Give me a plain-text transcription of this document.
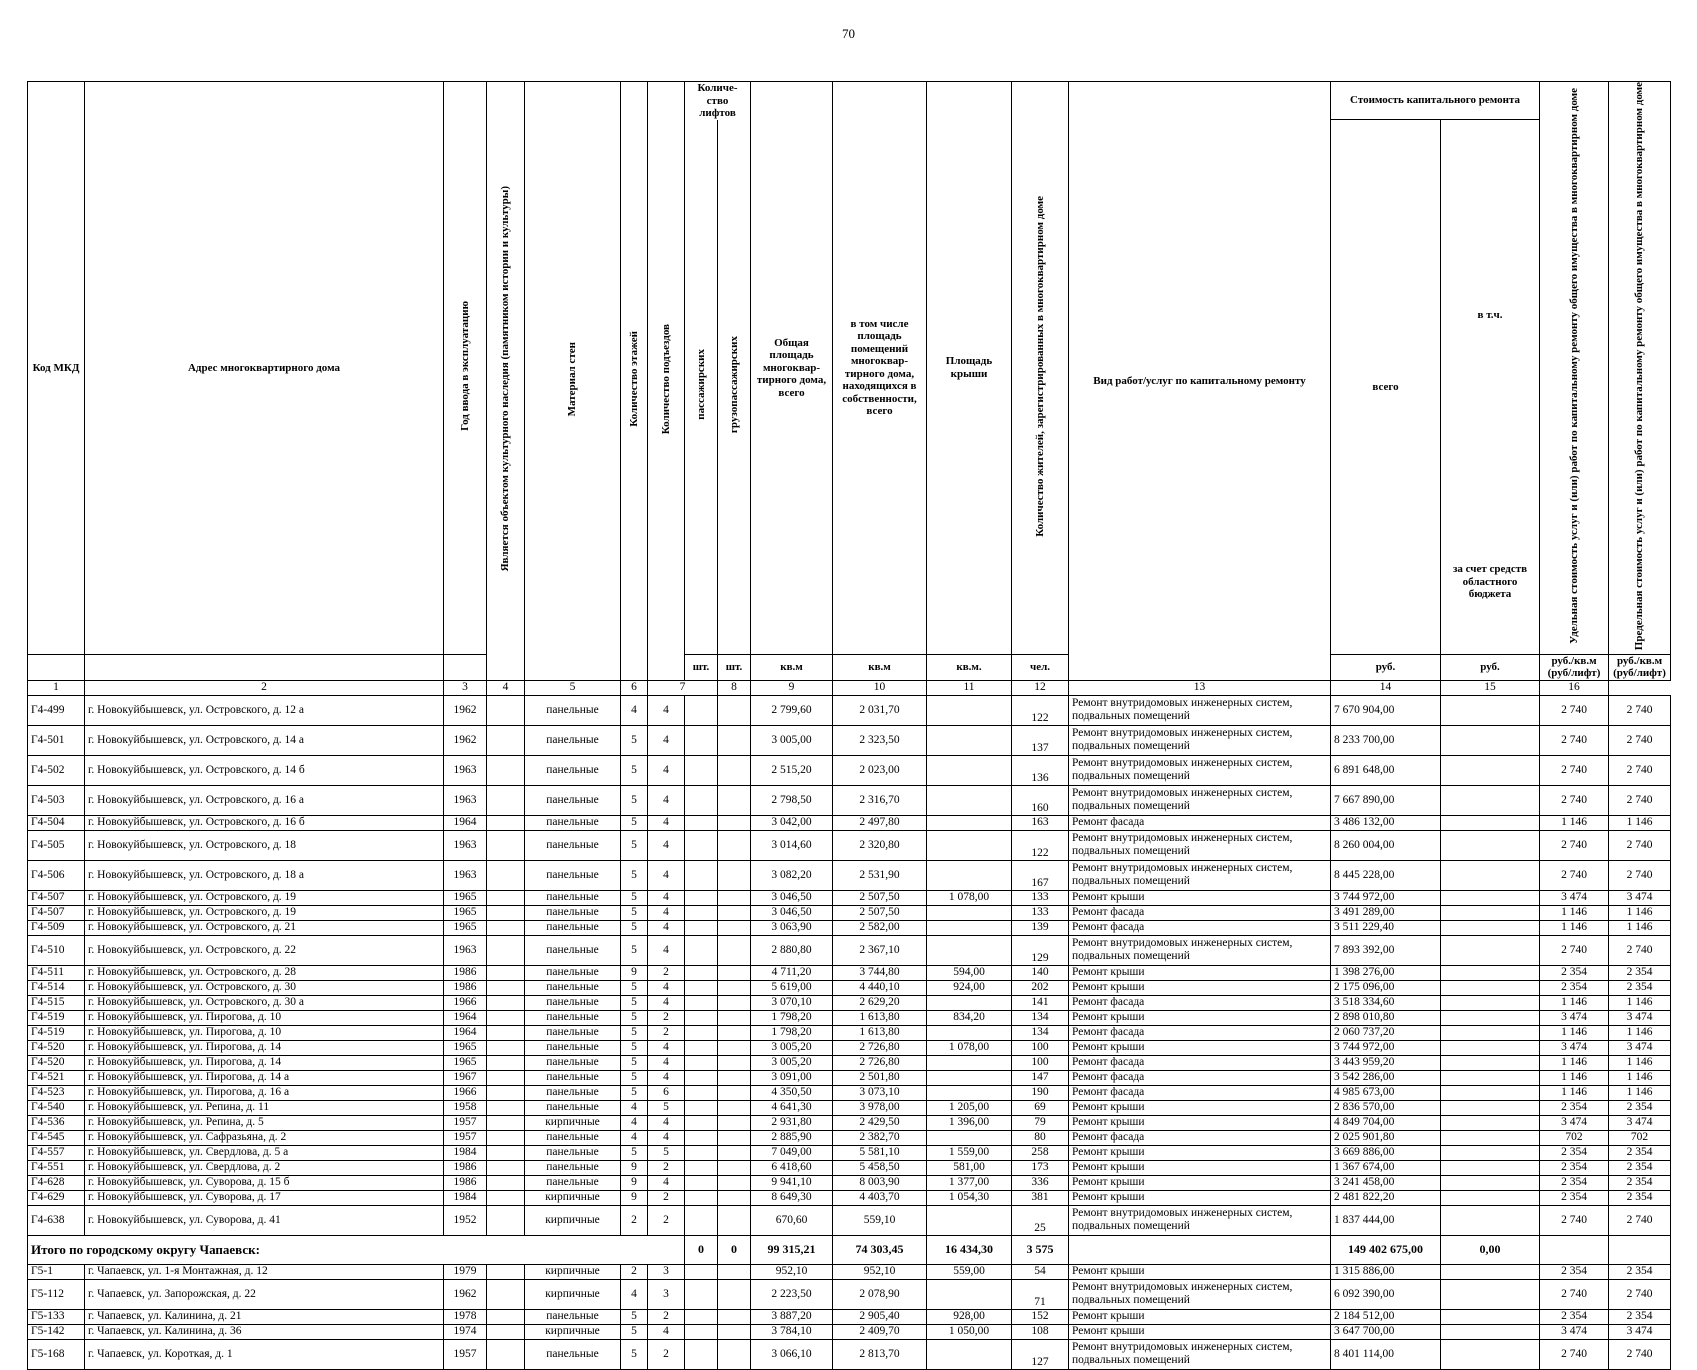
70
Код МКД	Адрес многоквартирного дома	Год ввода в эксплуатацию	Является объектом культурного наследия (памятником истории и культуры)	Материал стен	Количество этажей	Количество подъездов	Количе-ство лифтов		Общая площадь многоквар-тирного дома, всего	в том числе площадь помещений многоквар-тирного дома, находящихся в собственности, всего	Площадь крыши	Количество жителей, зарегистрированных в многоквартирном доме	Вид работ/услуг по капитальному ремонту	Стоимость капитального ремонта		Удельная стоимость услуг и (или) работ по капитальному ремонту общего имущества в многоквартирном доме	Предельная стоимость услуг и (или) работ по капитальному ремонту общего имущества в многоквартирном доме
							пассажирских	грузопассажирских						всего	в т.ч.		
															за счет средств областного бюджета		
							шт.	шт.	кв.м	кв.м	кв.м.	чел.		руб.	руб.	руб./кв.м (руб/лифт)	руб./кв.м (руб/лифт)
1	2	3	4	5	6	7		8	9	10	11	12	13	14	15	16	
Г4-499	г. Новокуйбышевск, ул. Островского, д. 12 а	1962		панельные	4	4			2 799,60	2 031,70		122	Ремонт внутридомовых инженерных систем, подвальных помещений	7 670 904,00		2 740	2 740
Г4-501	г. Новокуйбышевск, ул. Островского, д. 14 а	1962		панельные	5	4			3 005,00	2 323,50		137	Ремонт внутридомовых инженерных систем, подвальных помещений	8 233 700,00		2 740	2 740
Г4-502	г. Новокуйбышевск, ул. Островского, д. 14 б	1963		панельные	5	4			2 515,20	2 023,00		136	Ремонт внутридомовых инженерных систем, подвальных помещений	6 891 648,00		2 740	2 740
Г4-503	г. Новокуйбышевск, ул. Островского, д. 16 а	1963		панельные	5	4			2 798,50	2 316,70		160	Ремонт внутридомовых инженерных систем, подвальных помещений	7 667 890,00		2 740	2 740
Г4-504	г. Новокуйбышевск, ул. Островского, д. 16 б	1964		панельные	5	4			3 042,00	2 497,80		163	Ремонт фасада	3 486 132,00		1 146	1 146
Г4-505	г. Новокуйбышевск, ул. Островского, д. 18	1963		панельные	5	4			3 014,60	2 320,80		122	Ремонт внутридомовых инженерных систем, подвальных помещений	8 260 004,00		2 740	2 740
Г4-506	г. Новокуйбышевск, ул. Островского, д. 18 а	1963		панельные	5	4			3 082,20	2 531,90		167	Ремонт внутридомовых инженерных систем, подвальных помещений	8 445 228,00		2 740	2 740
Г4-507	г. Новокуйбышевск, ул. Островского, д. 19	1965		панельные	5	4			3 046,50	2 507,50	1 078,00	133	Ремонт крыши	3 744 972,00		3 474	3 474
Г4-507	г. Новокуйбышевск, ул. Островского, д. 19	1965		панельные	5	4			3 046,50	2 507,50		133	Ремонт фасада	3 491 289,00		1 146	1 146
Г4-509	г. Новокуйбышевск, ул. Островского, д. 21	1965		панельные	5	4			3 063,90	2 582,00		139	Ремонт фасада	3 511 229,40		1 146	1 146
Г4-510	г. Новокуйбышевск, ул. Островского, д. 22	1963		панельные	5	4			2 880,80	2 367,10		129	Ремонт внутридомовых инженерных систем, подвальных помещений	7 893 392,00		2 740	2 740
Г4-511	г. Новокуйбышевск, ул. Островского, д. 28	1986		панельные	9	2			4 711,20	3 744,80	594,00	140	Ремонт крыши	1 398 276,00		2 354	2 354
Г4-514	г. Новокуйбышевск, ул. Островского, д. 30	1986		панельные	5	4			5 619,00	4 440,10	924,00	202	Ремонт крыши	2 175 096,00		2 354	2 354
Г4-515	г. Новокуйбышевск, ул. Островского, д. 30 а	1966		панельные	5	4			3 070,10	2 629,20		141	Ремонт фасада	3 518 334,60		1 146	1 146
Г4-519	г. Новокуйбышевск, ул. Пирогова, д. 10	1964		панельные	5	2			1 798,20	1 613,80	834,20	134	Ремонт крыши	2 898 010,80		3 474	3 474
Г4-519	г. Новокуйбышевск, ул. Пирогова, д. 10	1964		панельные	5	2			1 798,20	1 613,80		134	Ремонт фасада	2 060 737,20		1 146	1 146
Г4-520	г. Новокуйбышевск, ул. Пирогова, д. 14	1965		панельные	5	4			3 005,20	2 726,80	1 078,00	100	Ремонт крыши	3 744 972,00		3 474	3 474
Г4-520	г. Новокуйбышевск, ул. Пирогова, д. 14	1965		панельные	5	4			3 005,20	2 726,80		100	Ремонт фасада	3 443 959,20		1 146	1 146
Г4-521	г. Новокуйбышевск, ул. Пирогова, д. 14 а	1967		панельные	5	4			3 091,00	2 501,80		147	Ремонт фасада	3 542 286,00		1 146	1 146
Г4-523	г. Новокуйбышевск, ул. Пирогова, д. 16 а	1966		панельные	5	6			4 350,50	3 073,10		190	Ремонт фасада	4 985 673,00		1 146	1 146
Г4-540	г. Новокуйбышевск, ул. Репина, д. 11	1958		панельные	4	5			4 641,30	3 978,00	1 205,00	69	Ремонт крыши	2 836 570,00		2 354	2 354
Г4-536	г. Новокуйбышевск, ул. Репина, д. 5	1957		кирпичные	4	4			2 931,80	2 429,50	1 396,00	79	Ремонт крыши	4 849 704,00		3 474	3 474
Г4-545	г. Новокуйбышевск, ул. Сафразьяна, д. 2	1957		панельные	4	4			2 885,90	2 382,70		80	Ремонт фасада	2 025 901,80		702	702
Г4-557	г. Новокуйбышевск, ул. Свердлова, д. 5 а	1984		панельные	5	5			7 049,00	5 581,10	1 559,00	258	Ремонт крыши	3 669 886,00		2 354	2 354
Г4-551	г. Новокуйбышевск, ул. Свердлова, д. 2	1986		панельные	9	2			6 418,60	5 458,50	581,00	173	Ремонт крыши	1 367 674,00		2 354	2 354
Г4-628	г. Новокуйбышевск, ул. Суворова, д. 15 б	1986		панельные	9	4			9 941,10	8 003,90	1 377,00	336	Ремонт крыши	3 241 458,00		2 354	2 354
Г4-629	г. Новокуйбышевск, ул. Суворова, д. 17	1984		кирпичные	9	2			8 649,30	4 403,70	1 054,30	381	Ремонт крыши	2 481 822,20		2 354	2 354
Г4-638	г. Новокуйбышевск, ул. Суворова, д. 41	1952		кирпичные	2	2			670,60	559,10		25	Ремонт внутридомовых инженерных систем, подвальных помещений	1 837 444,00		2 740	2 740
Итого по городскому округу Чапаевск:							0	0	99 315,21	74 303,45	16 434,30	3 575		149 402 675,00	0,00		
Г5-1	г. Чапаевск, ул. 1-я Монтажная, д. 12	1979		кирпичные	2	3			952,10	952,10	559,00	54	Ремонт крыши	1 315 886,00		2 354	2 354
Г5-112	г. Чапаевск, ул. Запорожская, д. 22	1962		кирпичные	4	3			2 223,50	2 078,90		71	Ремонт внутридомовых инженерных систем, подвальных помещений	6 092 390,00		2 740	2 740
Г5-133	г. Чапаевск, ул. Калинина, д. 21	1978		панельные	5	2			3 887,20	2 905,40	928,00	152	Ремонт крыши	2 184 512,00		2 354	2 354
Г5-142	г. Чапаевск, ул. Калинина, д. 36	1974		кирпичные	5	4			3 784,10	2 409,70	1 050,00	108	Ремонт крыши	3 647 700,00		3 474	3 474
Г5-168	г. Чапаевск, ул. Короткая, д. 1	1957		панельные	5	2			3 066,10	2 813,70		127	Ремонт внутридомовых инженерных систем, подвальных помещений	8 401 114,00		2 740	2 740
